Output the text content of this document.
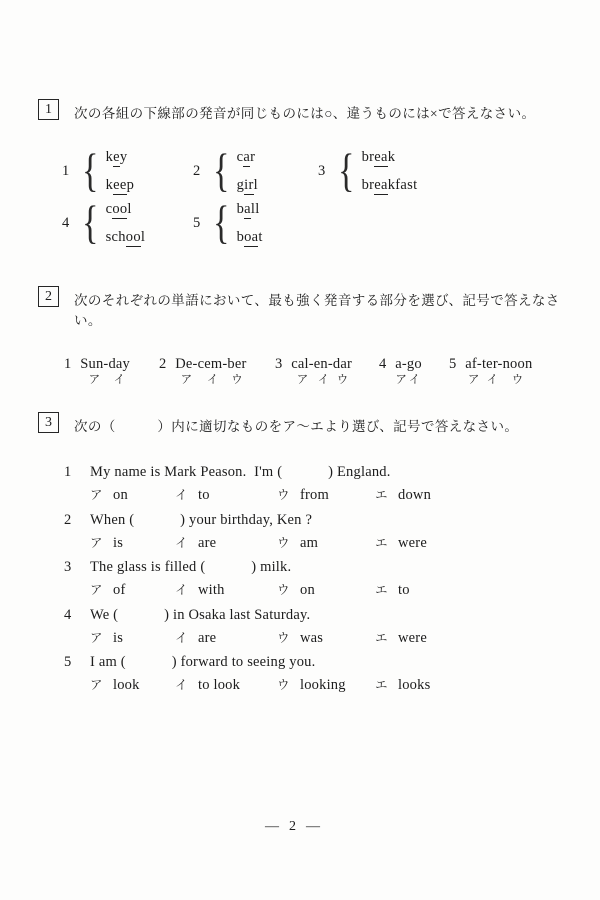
1 次の各組の下線部の発音が同じものには○、違うものには×で答えなさい。
1 { key
keep
2 { car
girl
3 { break
breakfast
4 { cool
school
5 { ball
boat
2 次のそれぞれの単語において、最も強く発音する部分を選び、記号で答えなさい。
1 Sun-	day
ア	イ
2 De-	cem-	ber
ア	イ	ウ
3 cal-	en-	dar
ア	イ	ウ
4 a-	go
ア	イ
5 af-	ter-	noon
ア	イ	ウ
3 次の（　　　）内に適切なものをア～エより選び、記号で答えなさい。
1	My name is Mark Peason.  I'm (            ) England.
ア on	イ to	ウ from	エ down
2	When (            ) your birthday, Ken ?
ア is	イ are	ウ am	エ were
3	The glass is filled (            ) milk.
ア of	イ with	ウ on	エ to
4	We (            ) in Osaka last Saturday.
ア is	イ are	ウ was	エ were
5	I am (            ) forward to seeing you.
ア look	イ to look	ウ looking エ looks
—  2  —
